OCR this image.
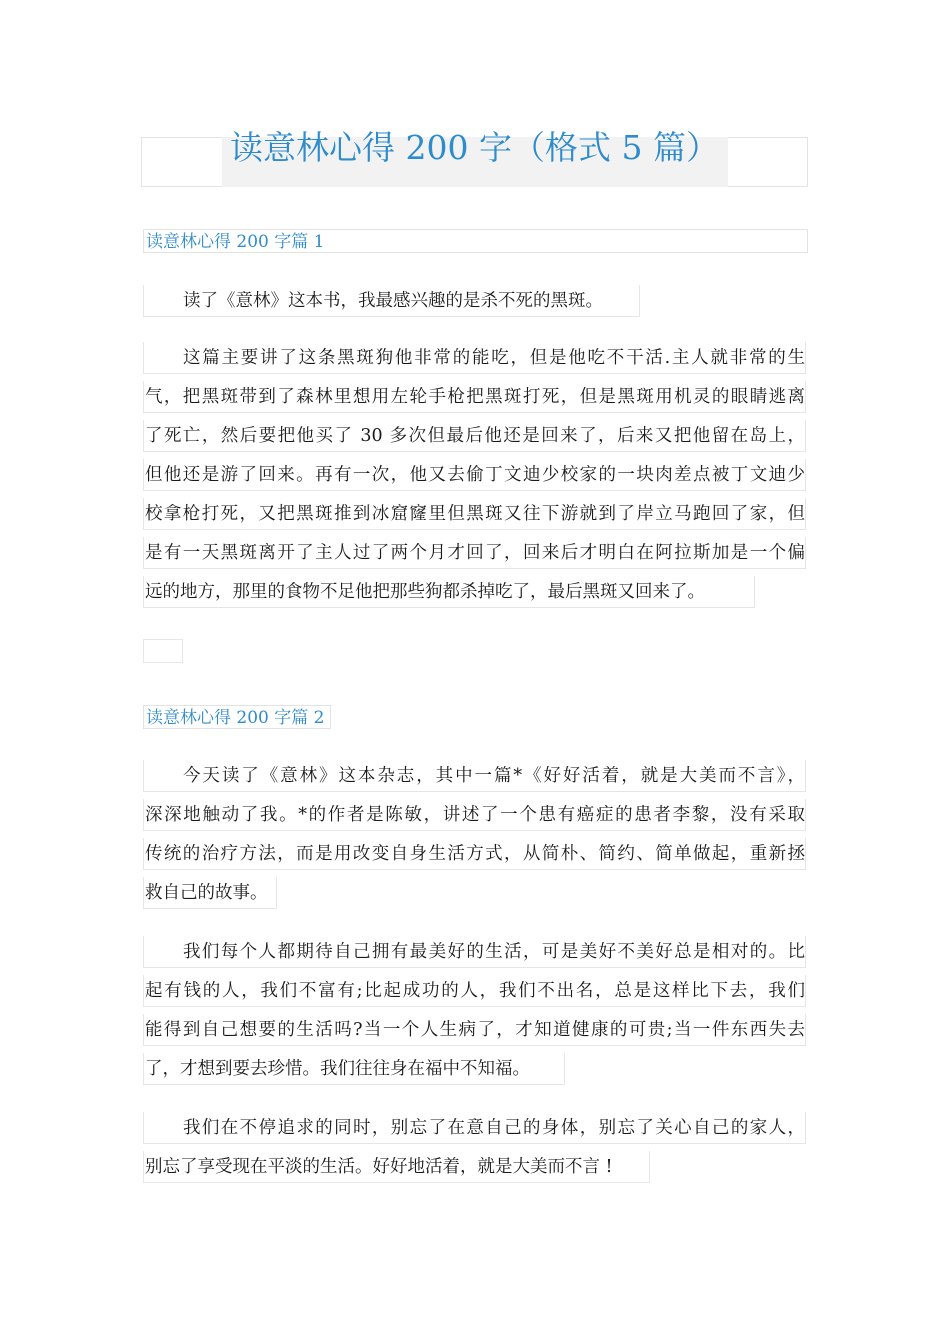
读意林心得 200 字（格式 5 篇）
读意林心得 200 字篇 1
读了《意林》这本书，我最感兴趣的是杀不死的黑斑。
这篇主要讲了这条黑斑狗他非常的能吃，但是他吃不干活.主人就非常的生
气，把黑斑带到了森林里想用左轮手枪把黑斑打死，但是黑斑用机灵的眼睛逃离
了死亡，然后要把他买了 30 多次但最后他还是回来了，后来又把他留在岛上，
但他还是游了回来。再有一次，他又去偷丁文迪少校家的一块肉差点被丁文迪少
校拿枪打死，又把黑斑推到冰窟窿里但黑斑又往下游就到了岸立马跑回了家，但
是有一天黑斑离开了主人过了两个月才回了，回来后才明白在阿拉斯加是一个偏
远的地方，那里的食物不足他把那些狗都杀掉吃了，最后黑斑又回来了。
读意林心得 200 字篇 2
今天读了《意林》这本杂志，其中一篇*《好好活着，就是大美而不言》，
深深地触动了我。*的作者是陈敏，讲述了一个患有癌症的患者李黎，没有采取
传统的治疗方法，而是用改变自身生活方式，从简朴、简约、简单做起，重新拯
救自己的故事。
我们每个人都期待自己拥有最美好的生活，可是美好不美好总是相对的。比
起有钱的人，我们不富有;比起成功的人，我们不出名，总是这样比下去，我们
能得到自己想要的生活吗?当一个人生病了，才知道健康的可贵;当一件东西失去
了，才想到要去珍惜。我们往往身在福中不知福。
我们在不停追求的同时，别忘了在意自己的身体，别忘了关心自己的家人，
别忘了享受现在平淡的生活。好好地活着，就是大美而不言 !
